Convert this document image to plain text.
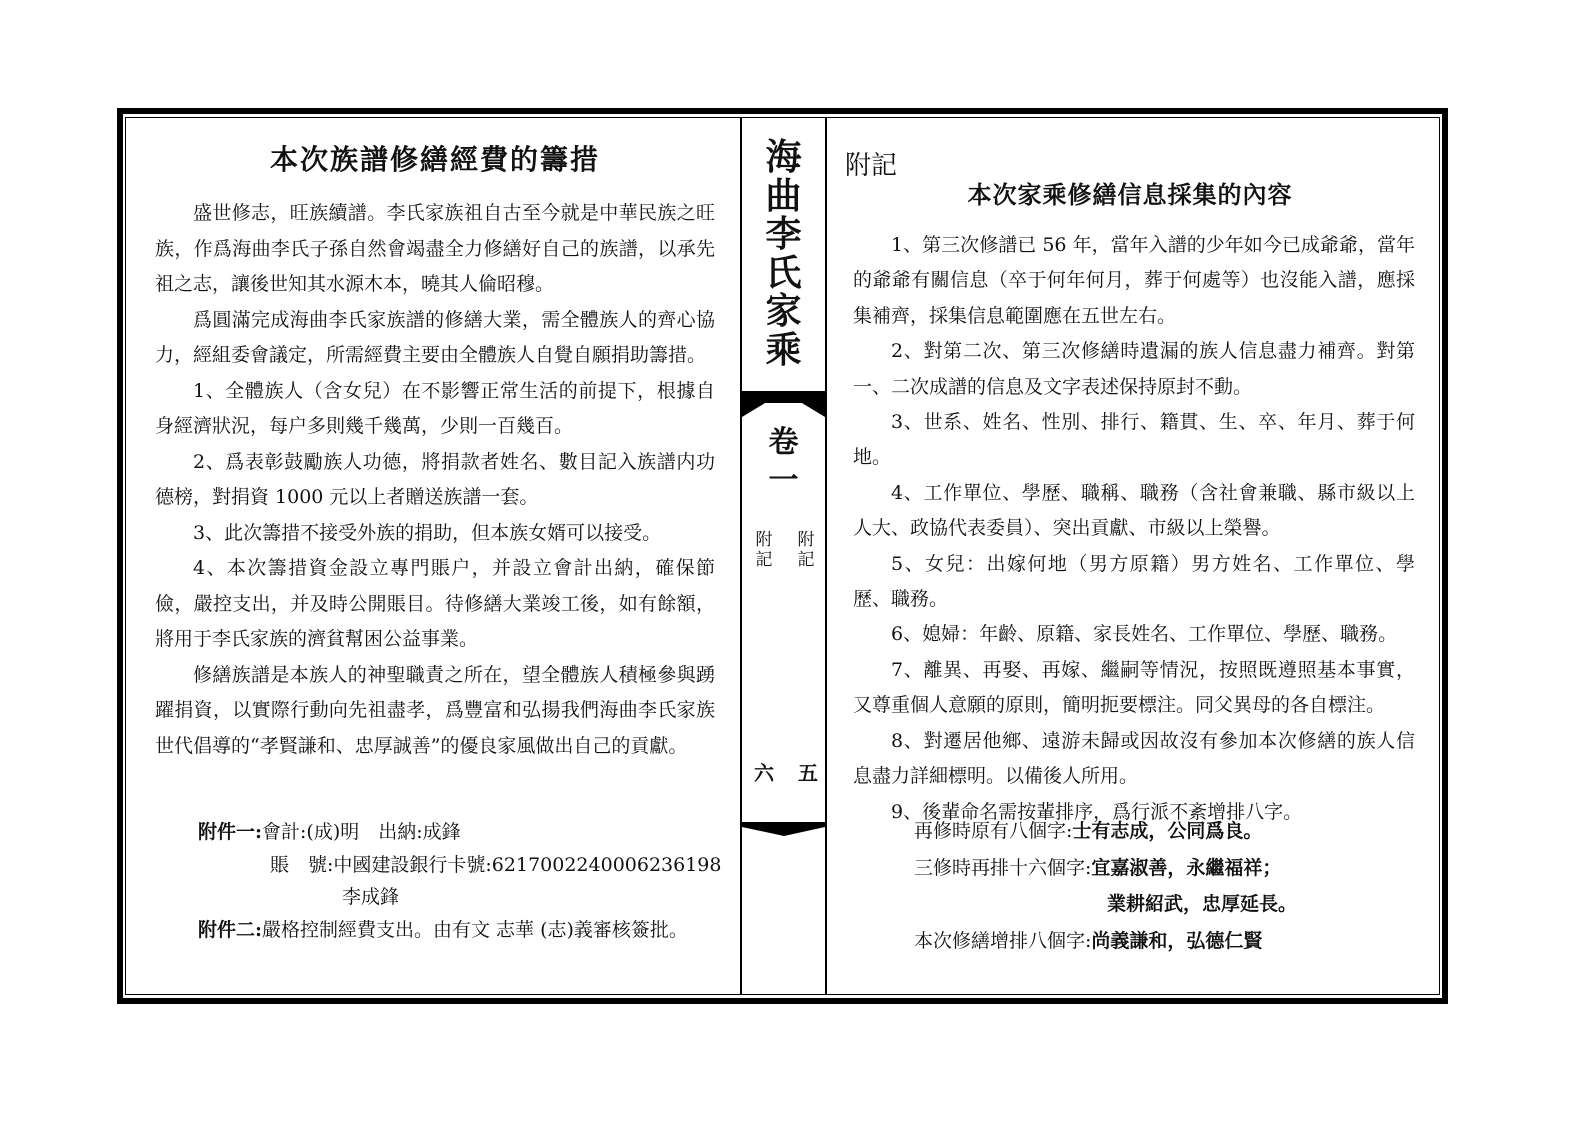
本次族譜修繕經費的籌措

盛世修志，旺族續譜。李氏家族祖自古至今就是中華民族之旺族，作爲海曲李氏子孫自然會竭盡全力修繕好自己的族譜，以承先祖之志，讓後世知其水源木本，曉其人倫昭穆。

爲圓滿完成海曲李氏家族譜的修繕大業，需全體族人的齊心協力，經組委會議定，所需經費主要由全體族人自覺自願捐助籌措。

1、全體族人（含女兒）在不影響正常生活的前提下，根據自身經濟狀況，每户多則幾千幾萬，少則一百幾百。

2、爲表彰鼓勵族人功德，將捐款者姓名、數目記入族譜内功德榜，對捐資 1000 元以上者贈送族譜一套。

3、此次籌措不接受外族的捐助，但本族女婿可以接受。

4、本次籌措資金設立專門賬户，并設立會計出納，確保節儉，嚴控支出，并及時公開賬目。待修繕大業竣工後，如有餘額，將用于李氏家族的濟貧幫困公益事業。

修繕族譜是本族人的神聖職責之所在，望全體族人積極參與踴躍捐資，以實際行動向先祖盡孝，爲豐富和弘揚我們海曲李氏家族世代倡導的“孝賢謙和、忠厚誠善”的優良家風做出自己的貢獻。

附件一:會計:(成)明　出納:成鋒
賬　號:中國建設銀行卡號:6217002240006236198
李成鋒
附件二:嚴格控制經費支出。由有文 志華 (志)義審核簽批。
海
曲
李
氏
家
乘
卷
一
附
記
附
記
六 五
附記
本次家乘修繕信息採集的內容

1、第三次修譜已 56 年，當年入譜的少年如今已成爺爺，當年的爺爺有關信息（卒于何年何月，葬于何處等）也沒能入譜，應採集補齊，採集信息範圍應在五世左右。

2、對第二次、第三次修繕時遺漏的族人信息盡力補齊。對第一、二次成譜的信息及文字表述保持原封不動。

3、世系、姓名、性別、排行、籍貫、生、卒、年月、葬于何地。

4、工作單位、學歷、職稱、職務（含社會兼職、縣市級以上人大、政協代表委員）、突出貢獻、市級以上榮譽。

5、女兒：出嫁何地（男方原籍）男方姓名、工作單位、學歷、職務。

6、媳婦：年齡、原籍、家長姓名、工作單位、學歷、職務。

7、離異、再娶、再嫁、繼嗣等情況，按照既遵照基本事實，又尊重個人意願的原則，簡明扼要標注。同父異母的各自標注。

8、對遷居他鄉、遠游未歸或因故沒有參加本次修繕的族人信息盡力詳細標明。以備後人所用。

9、後輩命名需按輩排序，爲行派不紊增排八字。

再修時原有八個字:士有志成，公同爲良。
三修時再排十六個字:宜嘉淑善，永繼福祥；
業耕紹武，忠厚延長。
本次修繕增排八個字:尚義謙和，弘德仁賢
